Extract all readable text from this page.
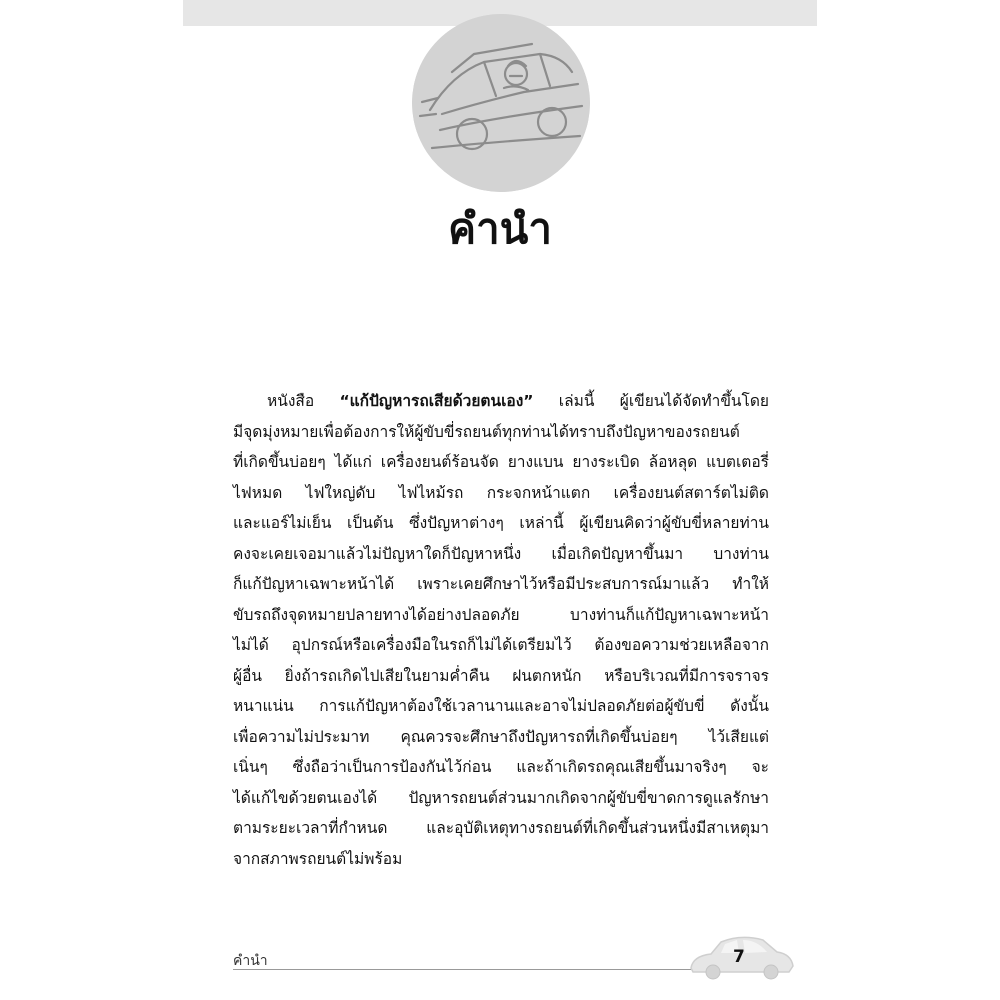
คำนำ
หนังสือ “แก้ปัญหารถเสียด้วยตนเอง” เล่มนี้ ผู้เขียนได้จัดทำขึ้นโดย
มีจุดมุ่งหมายเพื่อต้องการให้ผู้ขับขี่รถยนต์ทุกท่านได้ทราบถึงปัญหาของรถยนต์
ที่เกิดขึ้นบ่อยๆ ได้แก่ เครื่องยนต์ร้อนจัด ยางแบน ยางระเบิด ล้อหลุด แบตเตอรี่
ไฟหมด ไฟใหญ่ดับ ไฟไหม้รถ กระจกหน้าแตก เครื่องยนต์สตาร์ตไม่ติด
และแอร์ไม่เย็น เป็นต้น ซึ่งปัญหาต่างๆ เหล่านี้ ผู้เขียนคิดว่าผู้ขับขี่หลายท่าน
คงจะเคยเจอมาแล้วไม่ปัญหาใดก็ปัญหาหนึ่ง เมื่อเกิดปัญหาขึ้นมา บางท่าน
ก็แก้ปัญหาเฉพาะหน้าได้ เพราะเคยศึกษาไว้หรือมีประสบการณ์มาแล้ว ทำให้
ขับรถถึงจุดหมายปลายทางได้อย่างปลอดภัย บางท่านก็แก้ปัญหาเฉพาะหน้า
ไม่ได้ อุปกรณ์หรือเครื่องมือในรถก็ไม่ได้เตรียมไว้ ต้องขอความช่วยเหลือจาก
ผู้อื่น ยิ่งถ้ารถเกิดไปเสียในยามค่ำคืน ฝนตกหนัก หรือบริเวณที่มีการจราจร
หนาแน่น การแก้ปัญหาต้องใช้เวลานานและอาจไม่ปลอดภัยต่อผู้ขับขี่ ดังนั้น
เพื่อความไม่ประมาท คุณควรจะศึกษาถึงปัญหารถที่เกิดขึ้นบ่อยๆ ไว้เสียแต่
เนิ่นๆ ซึ่งถือว่าเป็นการป้องกันไว้ก่อน และถ้าเกิดรถคุณเสียขึ้นมาจริงๆ จะ
ได้แก้ไขด้วยตนเองได้ ปัญหารถยนต์ส่วนมากเกิดจากผู้ขับขี่ขาดการดูแลรักษา
ตามระยะเวลาที่กำหนด และอุบัติเหตุทางรถยนต์ที่เกิดขึ้นส่วนหนึ่งมีสาเหตุมา
จากสภาพรถยนต์ไม่พร้อม
คำนำ	7
